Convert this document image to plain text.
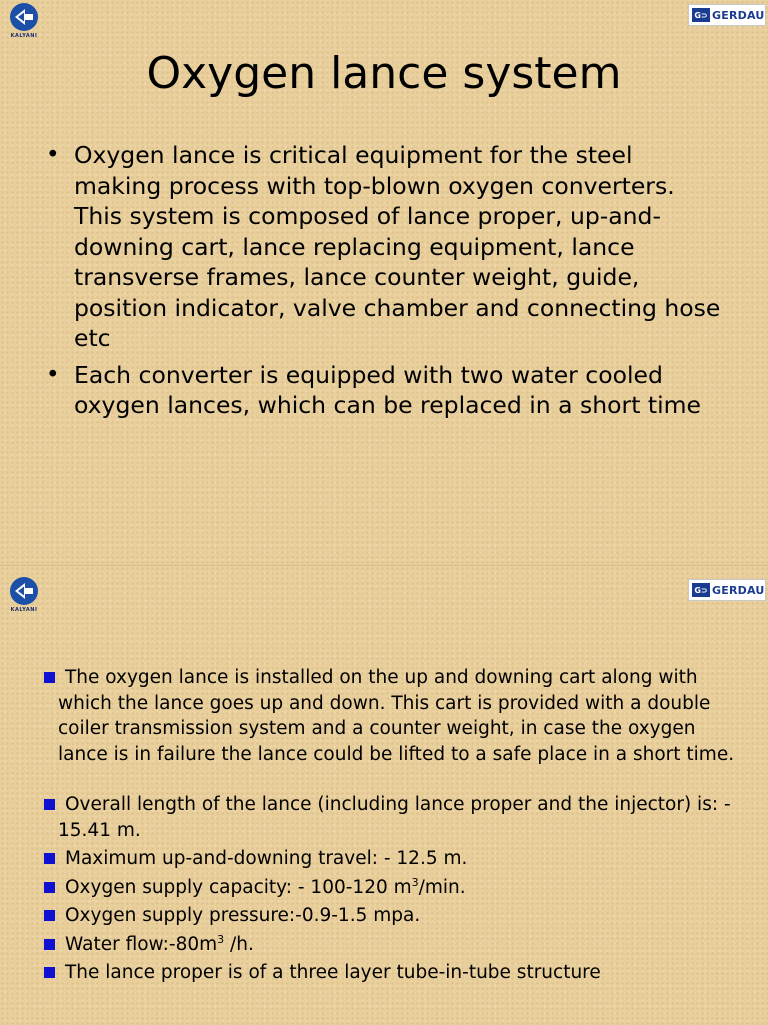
KALYANI
G⊃ GERDAU
Oxygen lance system
• Oxygen lance is critical equipment for the steel making process with top-blown oxygen converters. This system is composed of lance proper, up-and-downing cart, lance replacing equipment, lance transverse frames, lance counter weight, guide, position indicator, valve chamber and connecting hose etc
• Each converter is equipped with two water cooled oxygen lances, which can be replaced in a short time
KALYANI
G⊃ GERDAU
The oxygen lance is installed on the up and downing cart along with which the lance goes up and down. This cart is provided with a double coiler transmission system and a counter weight, in case the oxygen lance is in failure the lance could be lifted to a safe place in a short time.
Overall length of the lance (including lance proper and the injector) is: - 15.41 m.
Maximum up-and-downing travel: - 12.5 m.
Oxygen supply capacity: - 100-120 $m^3/\min$.
Oxygen supply pressure:-0.9-1.5 mpa.
Water $flow:-80m^3$ /h.
The lance proper is of a three layer tube-in-tube structure
